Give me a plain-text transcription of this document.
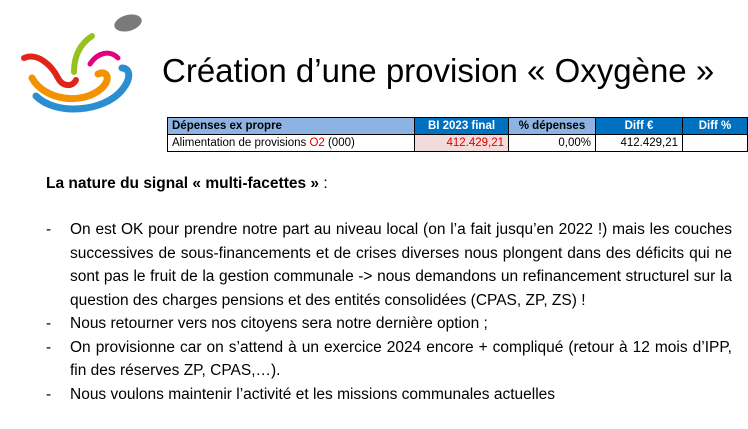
Création d’une provision « Oxygène »
Dépenses ex propre	BI 2023 final	% dépenses	Diff €	Diff %
Alimentation de provisions O2 (000)	412.429,21	0,00%	412.429,21	
La nature du signal « multi-facettes » :
- On est OK pour prendre notre part au niveau local (on l’a fait jusqu’en 2022 !) mais les couches successives de sous-financements et de crises diverses nous plongent dans des déficits qui ne sont pas le fruit de la gestion communale -> nous demandons un refinancement structurel sur la question des charges pensions et des entités consolidées (CPAS, ZP, ZS) !
- Nous retourner vers nos citoyens sera notre dernière option ;
- On provisionne car on s’attend à un exercice 2024 encore + compliqué (retour à 12 mois d’IPP, fin des réserves ZP, CPAS,…).
- Nous voulons maintenir l’activité et les missions communales actuelles
